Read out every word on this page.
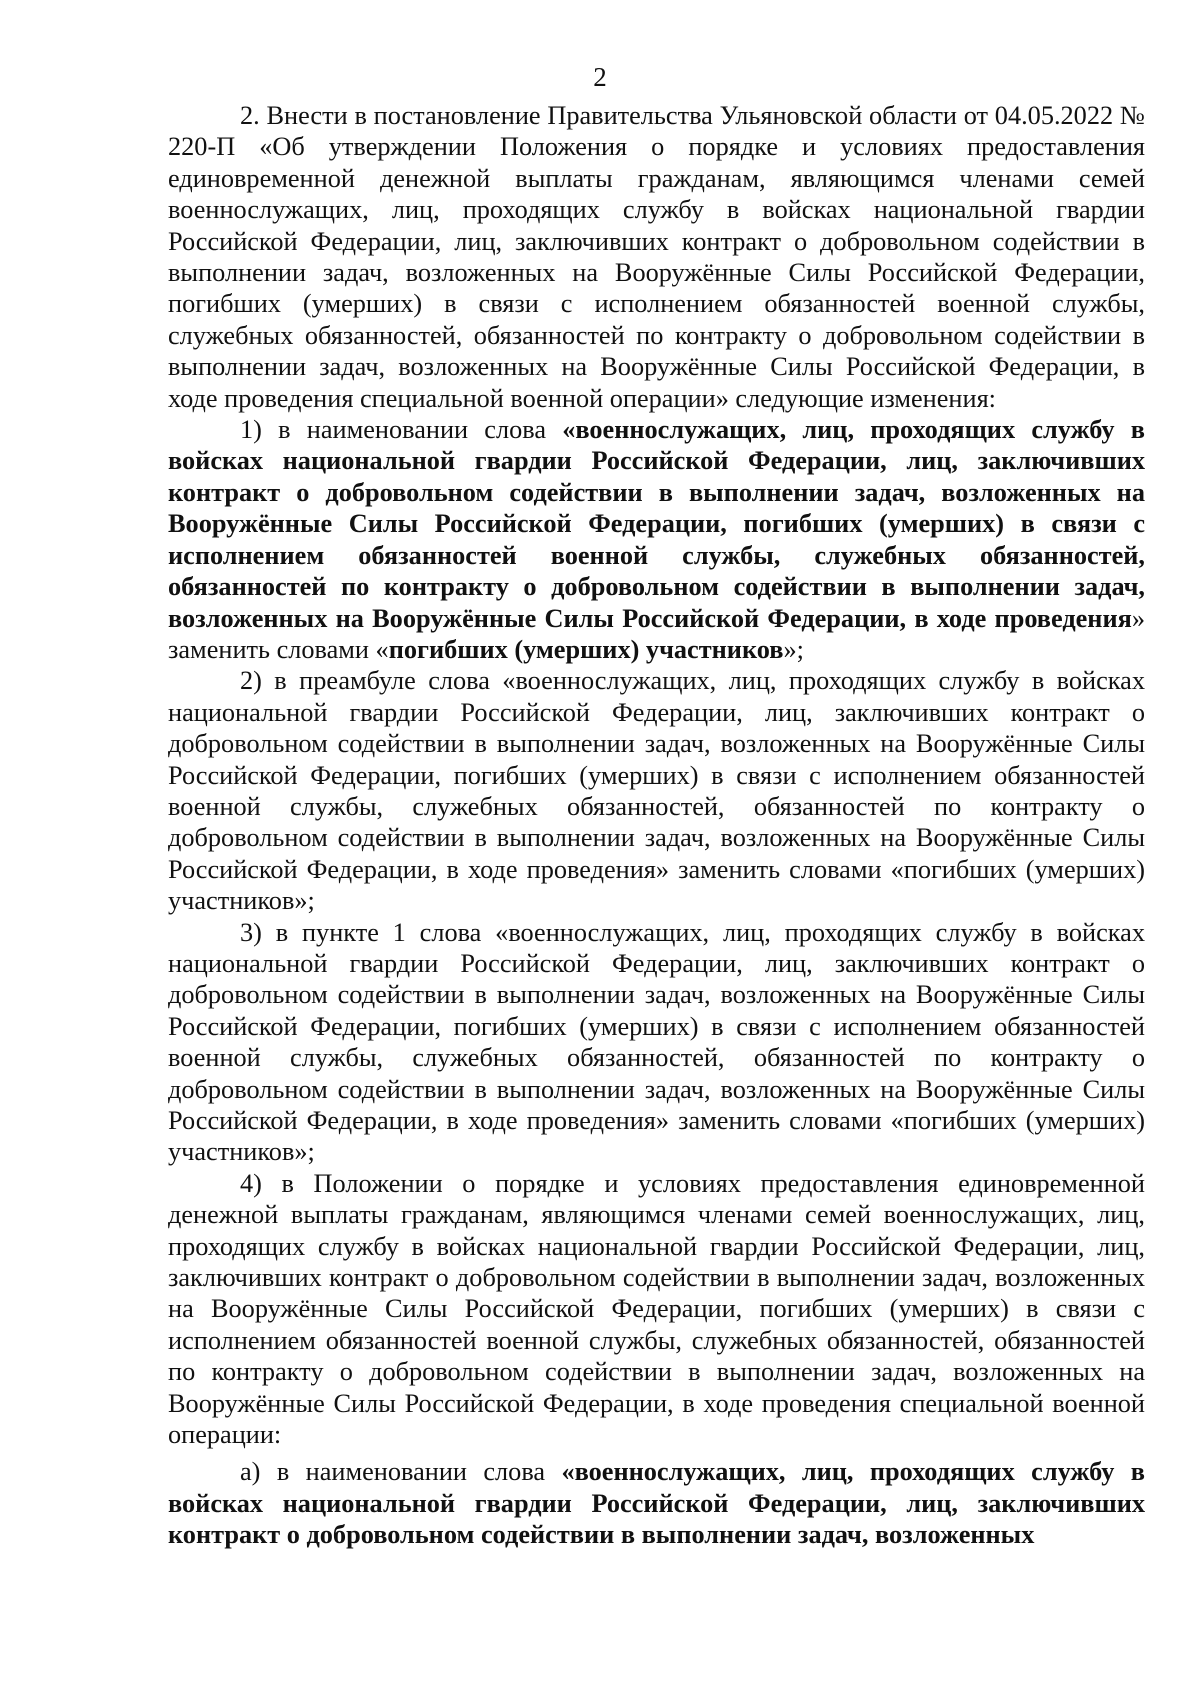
2

2. Внести в постановление Правительства Ульяновской области от 04.05.2022 № 220-П «Об утверждении Положения о порядке и условиях предоставления единовременной денежной выплаты гражданам, являющимся членами семей военнослужащих, лиц, проходящих службу в войсках национальной гвардии Российской Федерации, лиц, заключивших контракт о добровольном содействии в выполнении задач, возложенных на Вооружённые Силы Российской Федерации, погибших (умерших) в связи с исполнением обязанностей военной службы, служебных обязанностей, обязанностей по контракту о добровольном содействии в выполнении задач, возложенных на Вооружённые Силы Российской Федерации, в ходе проведения специальной военной операции» следующие изменения:

1) в наименовании слова «военнослужащих, лиц, проходящих службу в войсках национальной гвардии Российской Федерации, лиц, заключивших контракт о добровольном содействии в выполнении задач, возложенных на Вооружённые Силы Российской Федерации, погибших (умерших) в связи с исполнением обязанностей военной службы, служебных обязанностей, обязанностей по контракту о добровольном содействии в выполнении задач, возложенных на Вооружённые Силы Российской Федерации, в ходе проведения» заменить словами «погибших (умерших) участников»;

2) в преамбуле слова «военнослужащих, лиц, проходящих службу в войсках национальной гвардии Российской Федерации, лиц, заключивших контракт о добровольном содействии в выполнении задач, возложенных на Вооружённые Силы Российской Федерации, погибших (умерших) в связи с исполнением обязанностей военной службы, служебных обязанностей, обязанностей по контракту о добровольном содействии в выполнении задач, возложенных на Вооружённые Силы Российской Федерации, в ходе проведения» заменить словами «погибших (умерших) участников»;

3) в пункте 1 слова «военнослужащих, лиц, проходящих службу в войсках национальной гвардии Российской Федерации, лиц, заключивших контракт о добровольном содействии в выполнении задач, возложенных на Вооружённые Силы Российской Федерации, погибших (умерших) в связи с исполнением обязанностей военной службы, служебных обязанностей, обязанностей по контракту о добровольном содействии в выполнении задач, возложенных на Вооружённые Силы Российской Федерации, в ходе проведения» заменить словами «погибших (умерших) участников»;

4) в Положении о порядке и условиях предоставления единовременной денежной выплаты гражданам, являющимся членами семей военнослужащих, лиц, проходящих службу в войсках национальной гвардии Российской Федерации, лиц, заключивших контракт о добровольном содействии в выполнении задач, возложенных на Вооружённые Силы Российской Федерации, погибших (умерших) в связи с исполнением обязанностей военной службы, служебных обязанностей, обязанностей по контракту о добровольном содействии в выполнении задач, возложенных на Вооружённые Силы Российской Федерации, в ходе проведения специальной военной операции:

а) в наименовании слова «военнослужащих, лиц, проходящих службу в войсках национальной гвардии Российской Федерации, лиц, заключивших контракт о добровольном содействии в выполнении задач, возложенных
